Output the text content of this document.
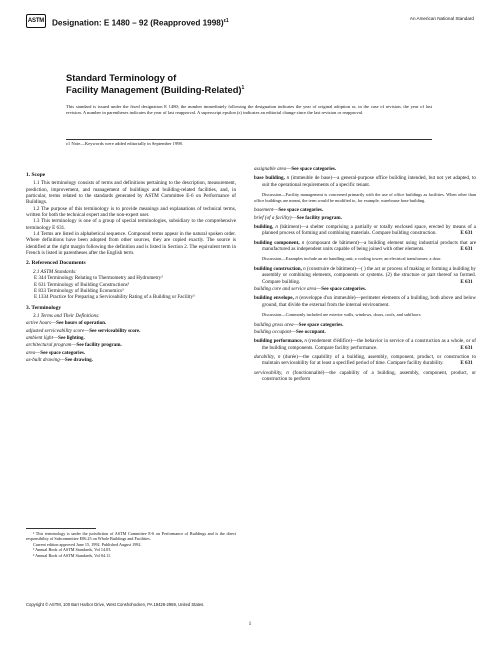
ASTM Designation: E 1480 – 92 (Reapproved 1998)$^{\varepsilon 1}$	An American National Standard
Standard Terminology of
Facility Management (Building-Related)$^1$
This standard is issued under the fixed designation E 1480; the number immediately following the designation indicates the year of original adoption or, in the case of revision, the year of last revision. A number in parentheses indicates the year of last reapproval. A superscript epsilon (ε) indicates an editorial change since the last revision or reapproval.
ε1 Note—Keywords were added editorially in September 1998.
1. Scope

1.1 This terminology consists of terms and definitions pertaining to the description, measurement, prediction, improvement, and management of buildings and building-related facilities, and, in particular, terms related to the standards generated by ASTM Committee E-6 on Performance of Buildings.

1.2 The purpose of this terminology is to provide meanings and explanations of technical terms, written for both the technical expert and the non-expert user.

1.3 This terminology is one of a group of special terminologies, subsidiary to the comprehensive terminology E 631.

1.4 Terms are listed in alphabetical sequence. Compound terms appear in the natural spoken order. Where definitions have been adopted from other sources, they are copied exactly. The source is identified at the right margin following the definition and is listed in Section 2. The equivalent term in French is listed in parentheses after the English term.

2. Referenced Documents

2.1 ASTM Standards:

E 344 Terminology Relating to Thermometry and Hydrometry²

E 631 Terminology of Building Constructions³

E 833 Terminology of Building Economics³

E 1334 Practice for Preparing a Serviceability Rating of a Building or Facility³

3. Terminology

3.1 Terms and Their Definitions:

active hours—See hours of operation.

adjusted serviceability score—See serviceability score.

ambient light—See lighting.

architectural program—See facility program.

area—See space categories.

as-built drawing—See drawing.

¹ This terminology is under the jurisdiction of ASTM Committee E-6 on Performance of Buildings and is the direct responsibility of Subcommittee E06.25 on Whole Buildings and Facilities.

Current edition approved June 15, 1992. Published August 1992.

² Annual Book of ASTM Standards, Vol 14.03.

³ Annual Book of ASTM Standards, Vol 04.11.

assignable area—See space categories.

base building, n (immeuble de base)—a general-purpose office building intended, but not yet adapted, to suit the operational requirements of a specific tenant.

Discussion—Facility management is concerned primarily with the use of office buildings as facilities. When other than office buildings are meant, the term would be modified to, for example, warehouse base building.

basement—See space categories.

brief (of a facility)—See facility program.

building, n (bâtiment)—a shelter comprising a partially or totally enclosed space, erected by means of a planned process of forming and combining materials. Compare building construction.	E 631

building component, n (composant de bâtiment)—a building element using industrial products that are manufactured as independent units capable of being joined with other elements.	E 631

Discussion—Examples include an air handling unit; a cooling tower; an electrical transformer; a door.

building construction, n (construire de bâtiment)—( ) the act or process of making or forming a building by assembly or combining elements, components or systems. (2) the structure or part thereof so formed. Compare building.	E 631

building core and service area—See space categories.

building envelope, n (enveloppe d'un immeuble)—perimeter elements of a building, both above and below ground, that divide the external from the internal environment.

Discussion—Commonly included are exterior walls, windows, doors, roofs, and subfloors.

building gross area—See space categories.

building occupant—See occupant.

building performance, n (rendement d'édifice)—the behavior in service of a construction as a whole, or of the building components. Compare facility performance.	E 631

durability, n (durée)—the capability of a building, assembly, component, product, or construction to maintain serviceability for at least a specified period of time. Compare facility durability.	E 631

serviceability, n (fonctionnalité)—the capability of a building, assembly, component, product, or construction to perform

Copyright © ASTM, 100 Barr Harbor Drive, West Conshohocken, PA 19428-2959, United States.
1
